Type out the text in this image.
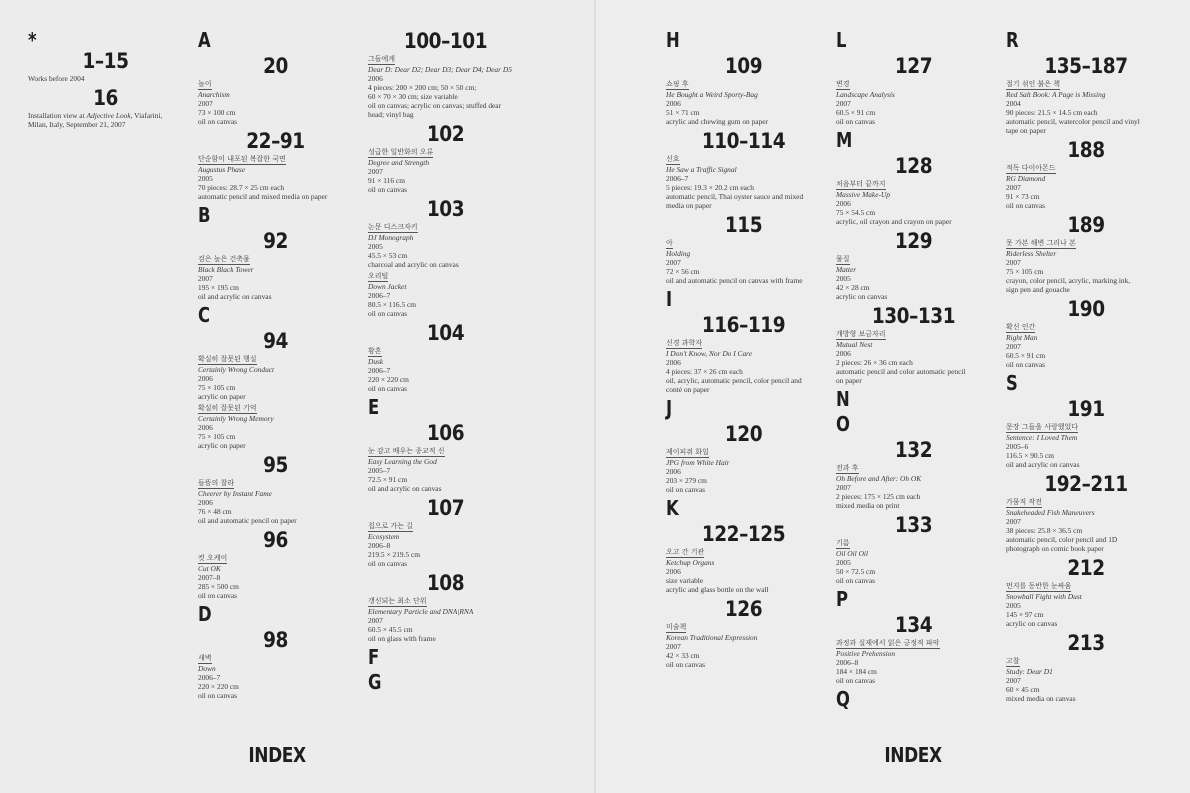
*
1–15
Works before 2004
16
Installation view at Adjective Look, Viafarini, Milan, Italy, September 21, 2007
A
20
놀이
Anarchism
2007
73 × 100 cm
oil on canvas
22–91
단순함이 내포된 복잡한 국면
Augustus Phase
2005
70 pieces: 28.7 × 25 cm each
automatic pencil and mixed media on paper
B
92
검은 높은 건축물
Black Black Tower
2007
195 × 195 cm
oil and acrylic on canvas
C
94
확실히 잘못된 행실
Certainly Wrong Conduct
2006
75 × 105 cm
acrylic on paper
확실히 잘못된 기억
Certainly Wrong Memory
2006
75 × 105 cm
acrylic on paper
95
들뜸의 찰라
Cheerer by Instant Fame
2006
76 × 48 cm
oil and automatic pencil on paper
96
컷 오케이
Cut OK
2007–8
285 × 500 cm
oil on canvas
D
98
새벽
Down
2006–7
220 × 220 cm
oil on canvas
100–101
그들에게
Dear D: Dear D2; Dear D3; Dear D4; Dear D5
2006
4 pieces: 200 × 200 cm; 50 × 50 cm;
60 × 70 × 30 cm; size variable
oil on canvas; acrylic on canvas; stuffed dear
head; vinyl bag
102
성급한 일반화의 오류
Degree and Strength
2007
91 × 116 cm
oil on canvas
103
논문 디스크자키
DJ Monograph
2005
45.5 × 53 cm
charcoal and acrylic on canvas
오리털
Down Jacket
2006–7
80.5 × 116.5 cm
oil on canvas
104
황혼
Dusk
2006–7
220 × 220 cm
oil on canvas
E
106
눈 감고 배우는 종교적 신
Easy Learning the God
2005–7
72.5 × 91 cm
oil and acrylic on canvas
107
집으로 가는 길
Ecosystem
2006–8
219.5 × 219.5 cm
oil on canvas
108
갱신되는 최소 단위
Elementary Particle and DNA|RNA
2007
60.5 × 45.5 cm
oil on glass with frame
F
G
INDEX
H
109
쇼핑 후
He Bought a Weird Sporty-Bag
2006
51 × 71 cm
acrylic and chewing gum on paper
110–114
신호
He Saw a Traffic Signal
2006–7
5 pieces: 19.3 × 20.2 cm each
automatic pencil, Thai oyster sauce and mixed
media on paper
115
아
Holding
2007
72 × 56 cm
oil and automatic pencil on canvas with frame
I
116–119
신경 과학자
I Don’t Know, Nor Do I Care
2006
4 pieces: 37 × 26 cm each
oil, acrylic, automatic pencil, color pencil and
conté on paper
J
120
제이피쥐 화일
JPG from White Hair
2006
203 × 279 cm
oil on canvas
K
122–125
오고 간 기관
Ketchup Organs
2006
size variable
acrylic and glass bottle on the wall
126
미술책
Korean Traditional Expression
2007
42 × 33 cm
oil on canvas
L
127
변경
Landscape Analysis
2007
60.5 × 91 cm
oil on canvas
M
128
처음부터 끝까지
Massive Make-Up
2006
75 × 54.5 cm
acrylic, oil crayon and crayon on paper
129
물질
Matter
2005
42 × 28 cm
acrylic on canvas
130–131
개방형 보금자리
Mutual Nest
2006
2 pieces: 26 × 36 cm each
automatic pencil and color automatic pencil
on paper
N
O
132
전과 후
Oh Before and After: Oh OK
2007
2 pieces: 175 × 125 cm each
mixed media on print
133
기름
Oil Oil Oil
2005
50 × 72.5 cm
oil on canvas
P
134
과정과 실제에서 읽은 긍정적 파악
Positive Prehension
2006–8
184 × 184 cm
oil on canvas
Q
R
135–187
절기 섞인 붉은 책
Red Salt Book: A Page is Missing
2004
90 pieces: 21.5 × 14.5 cm each
automatic pencil, watercolor pencil and vinyl
tape on paper
188
적독 다이아몬드
RG Diamond
2007
91 × 73 cm
oil on canvas
189
못 가본 해변 그리나 본
Riderless Shelter
2007
75 × 105 cm
crayon, color pencil, acrylic, marking ink,
sign pen and gouache
190
확신 인간
Right Man
2007
60.5 × 91 cm
oil on canvas
S
191
문장 그들을 사랑했었다
Sentence: I Loved Them
2005–6
116.5 × 90.5 cm
oil and acrylic on canvas
192–211
가뭄직 작전
Snakeheaded Fish Maneuvers
2007
38 pieces: 25.8 × 36.5 cm
automatic pencil, color pencil and 1D
photograph on comic book paper
212
먼지를 동반한 눈싸움
Snowball Fight with Dust
2005
145 × 97 cm
acrylic on canvas
213
고찰
Study: Dear D1
2007
60 × 45 cm
mixed media on canvas
INDEX
